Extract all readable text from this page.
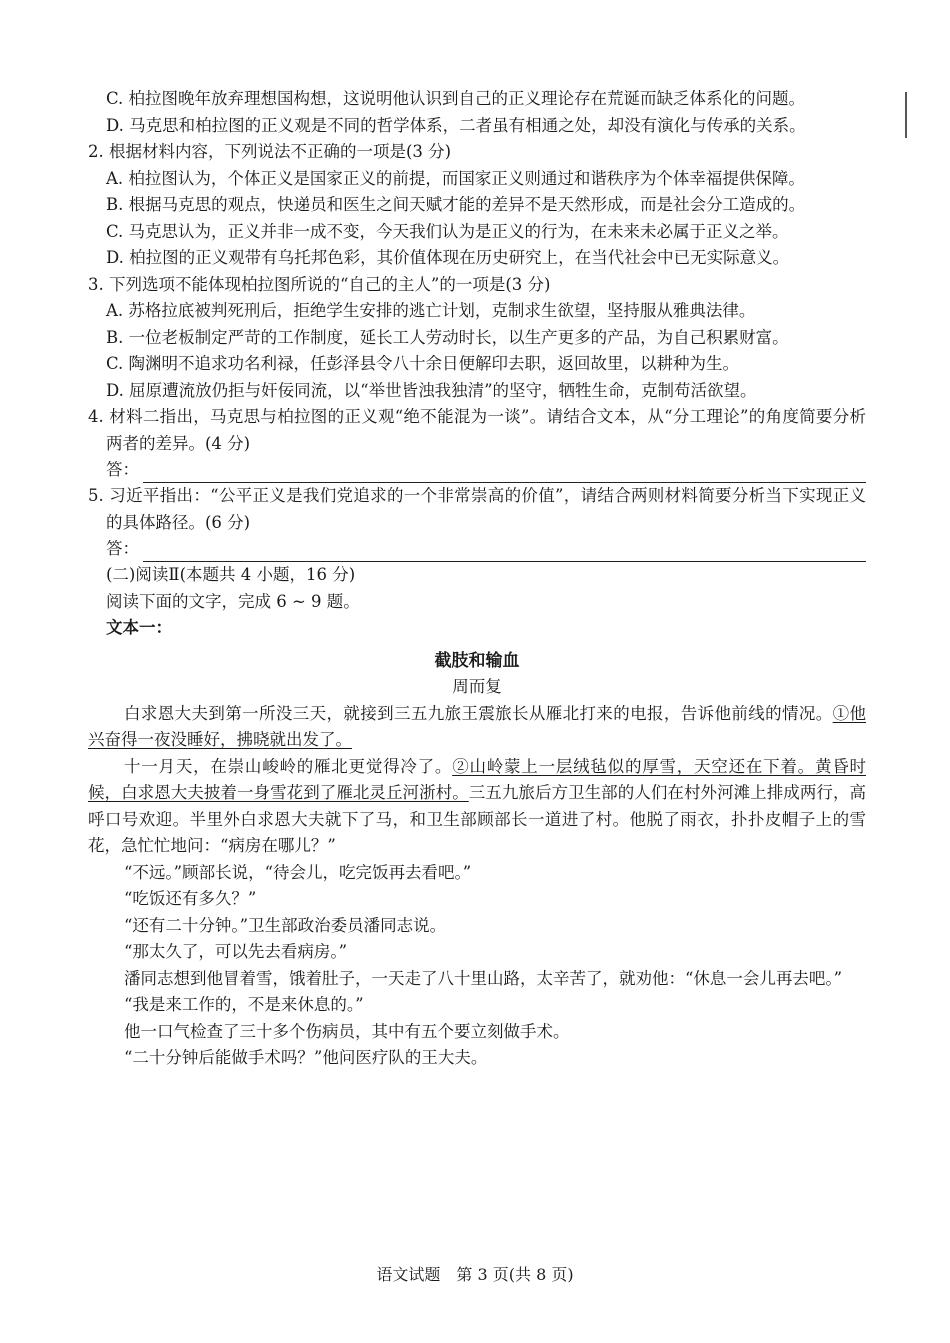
C. 柏拉图晚年放弃理想国构想，这说明他认识到自己的正义理论存在荒诞而缺乏体系化的问题。

D. 马克思和柏拉图的正义观是不同的哲学体系，二者虽有相通之处，却没有演化与传承的关系。

2. 根据材料内容，下列说法不正确的一项是(3 分)

A. 柏拉图认为，个体正义是国家正义的前提，而国家正义则通过和谐秩序为个体幸福提供保障。

B. 根据马克思的观点，快递员和医生之间天赋才能的差异不是天然形成，而是社会分工造成的。

C. 马克思认为，正义并非一成不变，今天我们认为是正义的行为，在未来未必属于正义之举。

D. 柏拉图的正义观带有乌托邦色彩，其价值体现在历史研究上，在当代社会中已无实际意义。

3. 下列选项不能体现柏拉图所说的“自己的主人”的一项是(3 分)

A. 苏格拉底被判死刑后，拒绝学生安排的逃亡计划，克制求生欲望，坚持服从雅典法律。

B. 一位老板制定严苛的工作制度，延长工人劳动时长，以生产更多的产品，为自己积累财富。

C. 陶渊明不追求功名利禄，任彭泽县令八十余日便解印去职，返回故里，以耕种为生。

D. 屈原遭流放仍拒与奸佞同流，以“举世皆浊我独清”的坚守，牺牲生命，克制苟活欲望。

4. 材料二指出，马克思与柏拉图的正义观“绝不能混为一谈”。请结合文本，从“分工理论”的角度简要分析两者的差异。(4 分)

答：

5. 习近平指出：“公平正义是我们党追求的一个非常崇高的价值”，请结合两则材料简要分析当下实现正义的具体路径。(6 分)

答：

(二)阅读Ⅱ(本题共 4 小题，16 分)

阅读下面的文字，完成 6 ~ 9 题。

文本一：

截肢和输血

周而复

白求恩大夫到第一所没三天，就接到三五九旅王震旅长从雁北打来的电报，告诉他前线的情况。①他兴奋得一夜没睡好，拂晓就出发了。

十一月天，在崇山峻岭的雁北更觉得冷了。②山岭蒙上一层绒毡似的厚雪，天空还在下着。黄昏时候，白求恩大夫披着一身雪花到了雁北灵丘河浙村。三五九旅后方卫生部的人们在村外河滩上排成两行，高呼口号欢迎。半里外白求恩大夫就下了马，和卫生部顾部长一道进了村。他脱了雨衣，扑扑皮帽子上的雪花，急忙忙地问：“病房在哪儿？”

“不远。”顾部长说，“待会儿，吃完饭再去看吧。”

“吃饭还有多久？”

“还有二十分钟。”卫生部政治委员潘同志说。

“那太久了，可以先去看病房。”

潘同志想到他冒着雪，饿着肚子，一天走了八十里山路，太辛苦了，就劝他：“休息一会儿再去吧。”

“我是来工作的，不是来休息的。”

他一口气检查了三十多个伤病员，其中有五个要立刻做手术。

“二十分钟后能做手术吗？”他问医疗队的王大夫。

语文试题　第 3 页(共 8 页)
